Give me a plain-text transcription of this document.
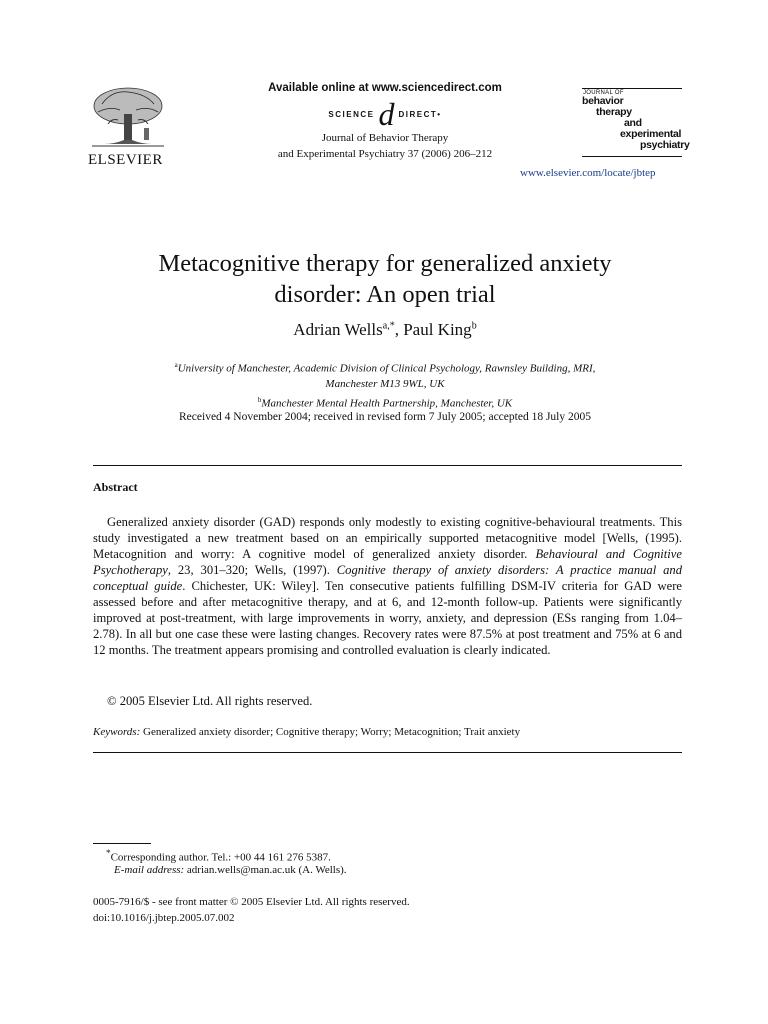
ELSEVIER
Available online at www.sciencedirect.com
SCIENCE d DIRECT•
Journal of Behavior Therapy
and Experimental Psychiatry 37 (2006) 206–212
JOURNAL OF
behavior
therapy
and
experimental
psychiatry
www.elsevier.com/locate/jbtep
Metacognitive therapy for generalized anxiety
disorder: An open trial
Adrian Wells$^{a,*}$, Paul King$^b$
$^a$University of Manchester, Academic Division of Clinical Psychology, Rawnsley Building, MRI,
Manchester M13 9WL, UK
$^b$Manchester Mental Health Partnership, Manchester, UK
Received 4 November 2004; received in revised form 7 July 2005; accepted 18 July 2005
Abstract

Generalized anxiety disorder (GAD) responds only modestly to existing cognitive-behavioural treatments. This study investigated a new treatment based on an empirically supported metacognitive model [Wells, (1995). Metacognition and worry: A cognitive model of generalized anxiety disorder. Behavioural and Cognitive Psychotherapy, 23, 301–320; Wells, (1997). Cognitive therapy of anxiety disorders: A practice manual and conceptual guide. Chichester, UK: Wiley]. Ten consecutive patients fulfilling DSM-IV criteria for GAD were assessed before and after metacognitive therapy, and at 6, and 12-month follow-up. Patients were significantly improved at post-treatment, with large improvements in worry, anxiety, and depression (ESs ranging from 1.04–2.78). In all but one case these were lasting changes. Recovery rates were 87.5% at post treatment and 75% at 6 and 12 months. The treatment appears promising and controlled evaluation is clearly indicated.

© 2005 Elsevier Ltd. All rights reserved.
Keywords: Generalized anxiety disorder; Cognitive therapy; Worry; Metacognition; Trait anxiety
*Corresponding author. Tel.: +00 44 161 276 5387.
E-mail address: adrian.wells@man.ac.uk (A. Wells).
0005-7916/$ - see front matter © 2005 Elsevier Ltd. All rights reserved.
doi:10.1016/j.jbtep.2005.07.002
